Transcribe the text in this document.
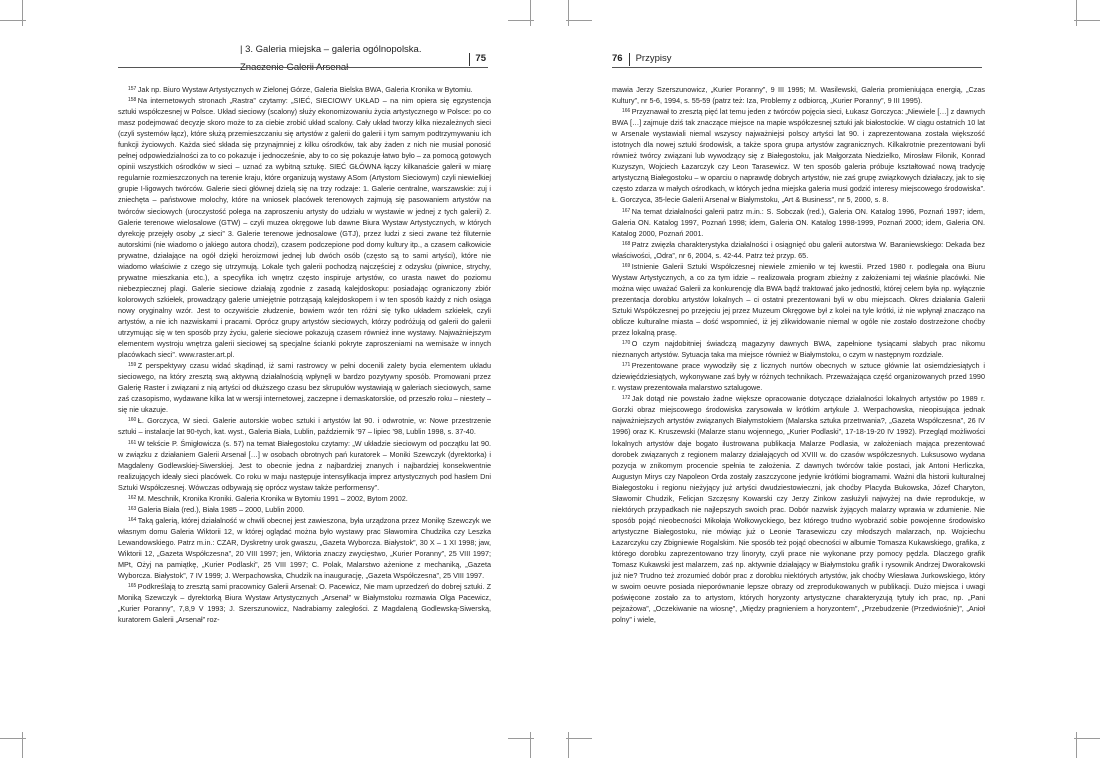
| 3. Galeria miejska – galeria ogólnopolska.
75	76 Przypisy

$^{157}$ Jak np. Biuro Wystaw Artystycznych w Zielonej Górze, Galeria Bielska BWA, Galeria Kronika w Bytomiu.

$^{158}$ Na internetowych stronach „Rastra” czytamy: „SIEĆ, SIECIOWY UKŁAD – na nim opiera się egzystencja sztuki współczesnej w Polsce. Układ sieciowy (scalony) służy ekonomizowaniu życia artystycznego w Polsce: po co masz podejmować decyzje skoro może to za ciebie zrobić układ scalony. Cały układ tworzy kilka niezależnych sieci (czyli systemów łącz), które służą przemieszczaniu się artystów z galerii do galerii i tym samym podtrzymywaniu ich funkcji życiowych. Każda sieć składa się przynajmniej z kilku ośrodków, tak aby żaden z nich nie musiał ponosić pełnej odpowiedzialności za to co pokazuje i jednocześnie, aby to co się pokazuje łatwo było – za pomocą gotowych opinii wszystkich ośrodków w sieci – uznać za wybitną sztukę. SIEĆ GŁÓWNA łączy kilkanaście galerii w miarę regularnie rozmieszczonych na terenie kraju, które organizują wystawy ASom (Artystom Sieciowym) czyli niewielkiej grupie I-ligowych twórców. Galerie sieci głównej dzielą się na trzy rodzaje: 1. Galerie centralne, warszawskie: zuj i zniechęta – państwowe molochy, które na wniosek placówek terenowych zajmują się pasowaniem artystów na twórców sieciowych (uroczystość polega na zaproszeniu artysty do udziału w wystawie w jednej z tych galerii) 2. Galerie terenowe wielosalowe (GTW) – czyli muzea okręgowe lub dawne Biura Wystaw Artystycznych, w których dyrekcję przejęły osoby „z sieci” 3. Galerie terenowe jednosalowe (GTJ), przez ludzi z sieci zwane też filuternie autorskimi (nie wiadomo o jakiego autora chodzi), czasem podczepione pod domy kultury itp., a czasem całkowicie prywatne, działające na ogół dzięki heroizmowi jednej lub dwóch osób (często są to sami artyści), które nie wiadomo właściwie z czego się utrzymują. Lokale tych galerii pochodzą najczęściej z odzysku (piwnice, strychy, prywatne mieszkania etc.), a specyfika ich wnętrz często inspiruje artystów, co urasta nawet do poziomu niebezpiecznej plagi. Galerie sieciowe działają zgodnie z zasadą kalejdoskopu: posiadając ograniczony zbiór kolorowych szkiełek, prowadzący galerie umiejętnie potrząsają kalejdoskopem i w ten sposób każdy z nich osiąga nowy oryginalny wzór. Jest to oczywiście złudzenie, bowiem wzór ten różni się tylko układem szkiełek, czyli artystów, a nie ich nazwiskami i pracami. Oprócz grupy artystów sieciowych, którzy podróżują od galerii do galerii utrzymując się w ten sposób przy życiu, galerie sieciowe pokazują czasem również inne wystawy. Najważniejszym elementem wystroju wnętrza galerii sieciowej są specjalne ścianki pokryte zaproszeniami na wernisaże w innych placówkach sieci”. www.raster.art.pl.

$^{159}$ Z perspektywy czasu widać skądinąd, iż sami rastrowcy w pełni docenili zalety bycia elementem układu sieciowego, na który zresztą swą aktywną działalnością wpłynęli w bardzo pozytywny sposób. Promowani przez Galerię Raster i związani z nią artyści od dłuższego czasu bez skrupułów wystawiają w galeriach sieciowych, same zaś czasopismo, wydawane kilka lat w wersji internetowej, zaczepne i demaskatorskie, od przeszło roku – niestety – się nie ukazuje.

$^{160}$ Ł. Gorczyca, W sieci. Galerie autorskie wobec sztuki i artystów lat 90. i odwrotnie, w: Nowe przestrzenie sztuki – instalacje lat 90-tych, kat. wyst., Galeria Biała, Lublin, październik ’97 – lipiec ’98, Lublin 1998, s. 37-40.

$^{161}$ W tekście P. Śmigłowicza (s. 57) na temat Białegostoku czytamy: „W układzie sieciowym od początku lat 90. w związku z działaniem Galerii Arsenał […] w osobach obrotnych pań kuratorek – Moniki Szewczyk (dyrektorka) i Magdaleny Godlewskiej-Siwerskiej. Jest to obecnie jedna z najbardziej znanych i najbardziej konsekwentnie realizujących ideały sieci placówek. Co roku w maju następuje intensyfikacja imprez artystycznych pod hasłem Dni Sztuki Współczesnej. Wówczas odbywają się oprócz wystaw także performensy”.

$^{162}$ M. Meschnik, Kronika Kroniki. Galeria Kronika w Bytomiu 1991 – 2002, Bytom 2002.

$^{163}$ Galeria Biała (red.), Biała 1985 – 2000, Lublin 2000.

$^{164}$ Taką galerią, której działalność w chwili obecnej jest zawieszona, była urządzona przez Monikę Szewczyk we własnym domu Galeria Wiktorii 12, w której oglądać można było wystawy prac Sławomira Chudzika czy Leszka Lewandowskiego. Patrz m.in.: CZAR, Dyskretny urok gwaszu, „Gazeta Wyborcza. Białystok”, 30 X – 1 XI 1998; jaw, Wiktorii 12, „Gazeta Współczesna”, 20 VIII 1997; jen, Wiktoria znaczy zwycięstwo, „Kurier Poranny”, 25 VIII 1997; MPt, Ożyj na pamiątkę, „Kurier Podlaski”, 25 VIII 1997; C. Polak, Malarstwo ażenione z mechaniką, „Gazeta Wyborcza. Białystok”, 7 IV 1999; J. Werpachowska, Chudzik na inaugurację, „Gazeta Współczesna”, 25 VIII 1997.

$^{165}$ Podkreślają to zresztą sami pracownicy Galerii Arsenał: O. Pacewicz, Nie mam uprzedzeń do dobrej sztuki. Z Moniką Szewczyk – dyrektorką Biura Wystaw Artystycznych „Arsenał” w Białymstoku rozmawia Olga Pacewicz, „Kurier Poranny”, 7,8,9 V 1993; J. Szerszunowicz, Nadrabiamy zaległości. Z Magdaleną Godlewską-Siwerską, kuratorem Galerii „Arsenał” roz-

mawia Jerzy Szerszunowicz, „Kurier Poranny”, 9 III 1995; M. Wasilewski, Galeria promieniująca energią, „Czas Kultury”, nr 5-6, 1994, s. 55-59 (patrz też: Iza, Problemy z odbiorcą, „Kurier Poranny”, 9 III 1995).

$^{166}$ Przyznawał to zresztą pięć lat temu jeden z twórców pojęcia sieci, Łukasz Gorczyca: „Niewiele […] z dawnych BWA […] zajmuje dziś tak znaczące miejsce na mapie współczesnej sztuki jak białostockie. W ciągu ostatnich 10 lat w Arsenale wystawiali niemal wszyscy najważniejsi polscy artyści lat 90. i zaprezentowana została większość istotnych dla nowej sztuki środowisk, a także spora grupa artystów zagranicznych. Kilkakrotnie prezentowani byli również twórcy związani lub wywodzący się z Białegostoku, jak Małgorzata Niedzielko, Mirosław Filonik, Konrad Kuzyszyn, Wojciech Łazarczyk czy Leon Tarasewicz. W ten sposób galeria próbuje kształtować nową tradycję artystyczną Białegostoku – w oparciu o naprawdę dobrych artystów, nie zaś grupę związkowych działaczy, jak to się często zdarza w małych ośrodkach, w których jedna miejska galeria musi godzić interesy miejscowego środowiska”. Ł. Gorczyca, 35-lecie Galerii Arsenał w Białymstoku, „Art & Business”, nr 5, 2000, s. 8.

$^{167}$ Na temat działalności galerii patrz m.in.: S. Sobczak (red.), Galeria ON. Katalog 1996, Poznań 1997; idem, Galeria ON. Katalog 1997, Poznań 1998; idem, Galeria ON. Katalog 1998-1999, Poznań 2000; idem, Galeria ON. Katalog 2000, Poznań 2001.

$^{168}$ Patrz zwięzła charakterystyka działalności i osiągnięć obu galerii autorstwa W. Baraniewskiego: Dekada bez właściwości, „Odra”, nr 6, 2004, s. 42-44. Patrz też przyp. 65.

$^{169}$ Istnienie Galerii Sztuki Współczesnej niewiele zmieniło w tej kwestii. Przed 1980 r. podlegała ona Biuru Wystaw Artystycznych, a co za tym idzie – realizowała program zbieżny z założeniami tej właśnie placówki. Nie można więc uważać Galerii za konkurencję dla BWA bądź traktować jako jednostki, której celem była np. wyłącznie prezentacja dorobku artystów lokalnych – ci ostatni prezentowani byli w obu miejscach. Okres działania Galerii Sztuki Współczesnej po przejęciu jej przez Muzeum Okręgowe był z kolei na tyle krótki, iż nie wpłynął znacząco na oblicze kulturalne miasta – dość wspomnieć, iż jej zlikwidowanie niemal w ogóle nie zostało dostrzeżone choćby przez lokalną prasę.

$^{170}$ O czym najdobitniej świadczą magazyny dawnych BWA, zapełnione tysiącami słabych prac nikomu nieznanych artystów. Sytuacja taka ma miejsce również w Białymstoku, o czym w następnym rozdziale.

$^{171}$ Prezentowane prace wywodziły się z licznych nurtów obecnych w sztuce głównie lat osiemdziesiątych i dziewięćdziesiątych, wykonywane zaś były w różnych technikach. Przeważająca część organizowanych przed 1990 r. wystaw prezentowała malarstwo sztalugowe.

$^{172}$ Jak dotąd nie powstało żadne większe opracowanie dotyczące działalności lokalnych artystów po 1989 r. Gorzki obraz miejscowego środowiska zarysowała w krótkim artykule J. Werpachowska, nieopisująca jednak najważniejszych artystów związanych Białymstokiem (Malarska sztuka przetrwania?, „Gazeta Współczesna”, 26 IV 1996) oraz K. Kruszewski (Malarze stanu wojennego, „Kurier Podlaski”, 17-18-19-20 IV 1992). Przegląd możliwości lokalnych artystów daje bogato ilustrowana publikacja Malarze Podlasia, w założeniach mająca prezentować dorobek związanych z regionem malarzy działających od XVIII w. do czasów współczesnych. Luksusowo wydana pozycja w znikomym procencie spełnia te założenia. Z dawnych twórców takie postaci, jak Antoni Herliczka, Augustyn Mirys czy Napoleon Orda zostały zaszczycone jedynie krótkimi biogramami. Ważni dla historii kulturalnej Białegostoku i regionu nieżyjący już artyści dwudziestowieczni, jak choćby Placyda Bukowska, Józef Charyton, Sławomir Chudzik, Felicjan Szczęsny Kowarski czy Jerzy Zinkow zasłużyli najwyżej na dwie reprodukcje, w niektórych przypadkach nie najlepszych swoich prac. Dobór nazwisk żyjących malarzy wprawia w zdumienie. Nie sposób pojąć nieobecności Mikołaja Wołkowyckiego, bez którego trudno wyobrazić sobie powojenne środowisko artystyczne Białegostoku, nie mówiąc już o Leonie Tarasewiczu czy młodszych malarzach, np. Wojciechu Łazarczyku czy Zbigniewie Rogalskim. Nie sposób też pojąć obecności w albumie Tomasza Kukawskiego, grafika, z którego dorobku zaprezentowano trzy linoryty, czyli prace nie wykonane przy pomocy pędzla. Dlaczego grafik Tomasz Kukawski jest malarzem, zaś np. aktywnie działający w Białymstoku grafik i rysownik Andrzej Dworakowski już nie? Trudno też zrozumieć dobór prac z dorobku niektórych artystów, jak choćby Wiesława Jurkowskiego, który w swoim oeuvre posiada nieporównanie lepsze obrazy od zreprodukowanych w publikacji. Dużo miejsca i uwagi poświęcone zostało za to artystom, których horyzonty artystyczne charakteryzują tytuły ich prac, np. „Pani pejzażowa”, „Oczekiwanie na wiosnę”, „Między pragnieniem a horyzontem”, „Przebudzenie (Przedwiośnie)”, „Anioł polny” i wiele,
